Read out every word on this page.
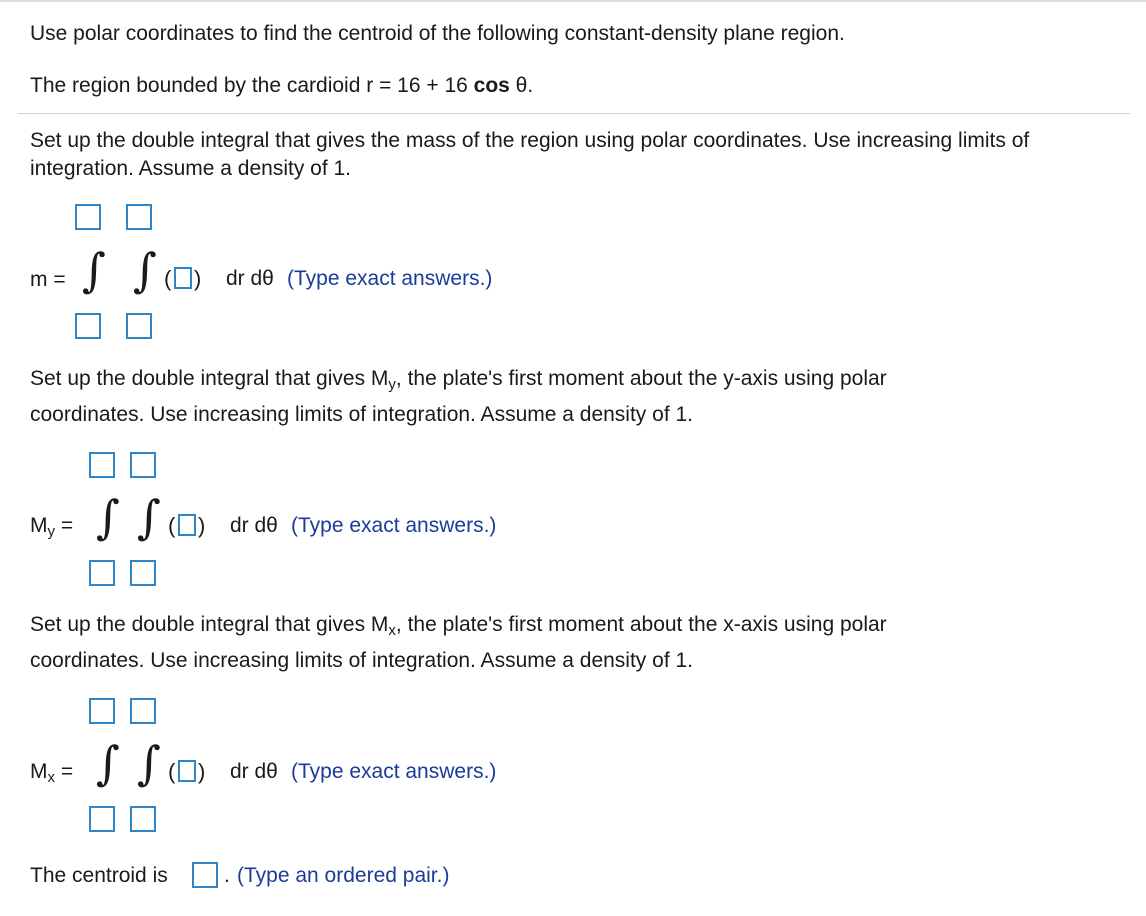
Use polar coordinates to find the centroid of the following constant-density plane region.
The region bounded by the cardioid r = 16 + 16 cos θ.
Set up the double integral that gives the mass of the region using polar coordinates. Use increasing limits of integration. Assume a density of 1.
m = ∫ ∫ ( ) dr dθ (Type exact answers.)
Set up the double integral that gives $M_y$, the plate's first moment about the y-axis using polar
coordinates. Use increasing limits of integration. Assume a density of 1.
$M_y$ = ∫ ∫ ( ) dr dθ (Type exact answers.)
Set up the double integral that gives $M_x$, the plate's first moment about the x-axis using polar
coordinates. Use increasing limits of integration. Assume a density of 1.
$M_x$ = ∫ ∫ ( ) dr dθ (Type exact answers.)
The centroid is	. (Type an ordered pair.)
